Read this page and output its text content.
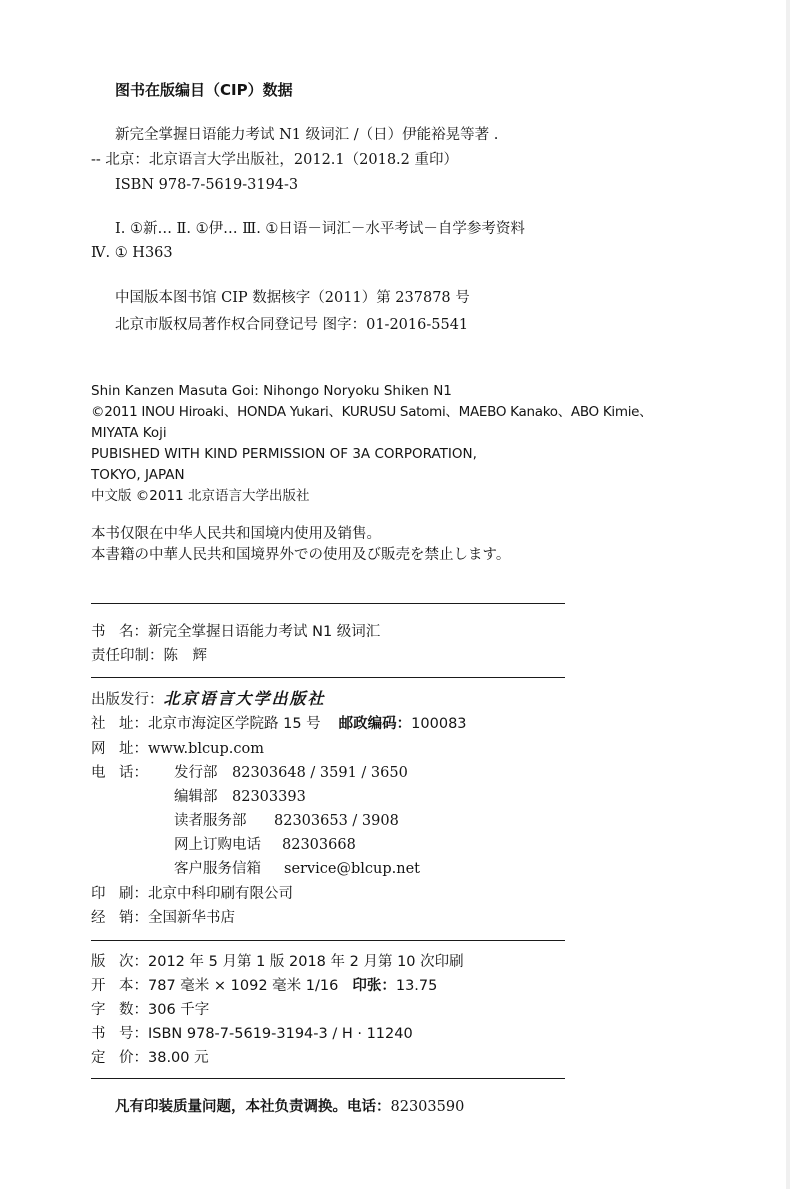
图书在版编目（CIP）数据
新完全掌握日语能力考试 N1 级词汇 /（日）伊能裕晃等著 .
-- 北京：北京语言大学出版社，2012.1（2018.2 重印）
ISBN 978-7-5619-3194-3
Ⅰ. ①新… Ⅱ. ①伊… Ⅲ. ①日语－词汇－水平考试－自学参考资料
Ⅳ. ① H363
中国版本图书馆 CIP 数据核字（2011）第 237878 号
北京市版权局著作权合同登记号 图字：01-2016-5541
Shin Kanzen Masuta Goi: Nihongo Noryoku Shiken N1
©2011 INOU Hiroaki、HONDA Yukari、KURUSU Satomi、MAEBO Kanako、ABO Kimie、
MIYATA Koji
PUBISHED WITH KIND PERMISSION OF 3A CORPORATION,
TOKYO, JAPAN
中文版 ©2011 北京语言大学出版社
本书仅限在中华人民共和国境内使用及销售。
本書籍の中華人民共和国境界外での使用及び販売を禁止します。
书 名：新完全掌握日语能力考试 N1 级词汇
责任印制：陈　辉
出版发行：北京语言大学出版社
社 址：北京市海淀区学院路 15 号 邮政编码：100083
网 址：www.blcup.com
电 话： 发行部 82303648 / 3591 / 3650
编辑部 82303393
读者服务部 82303653 / 3908
网上订购电话 82303668
客户服务信箱 service@blcup.net
印 刷：北京中科印刷有限公司
经 销：全国新华书店
版 次：2012 年 5 月第 1 版 2018 年 2 月第 10 次印刷
开 本：787 毫米 × 1092 毫米 1/16 印张：13.75
字 数：306 千字
书 号：ISBN 978-7-5619-3194-3 / H · 11240
定 价：38.00 元
凡有印装质量问题，本社负责调换。电话：82303590
